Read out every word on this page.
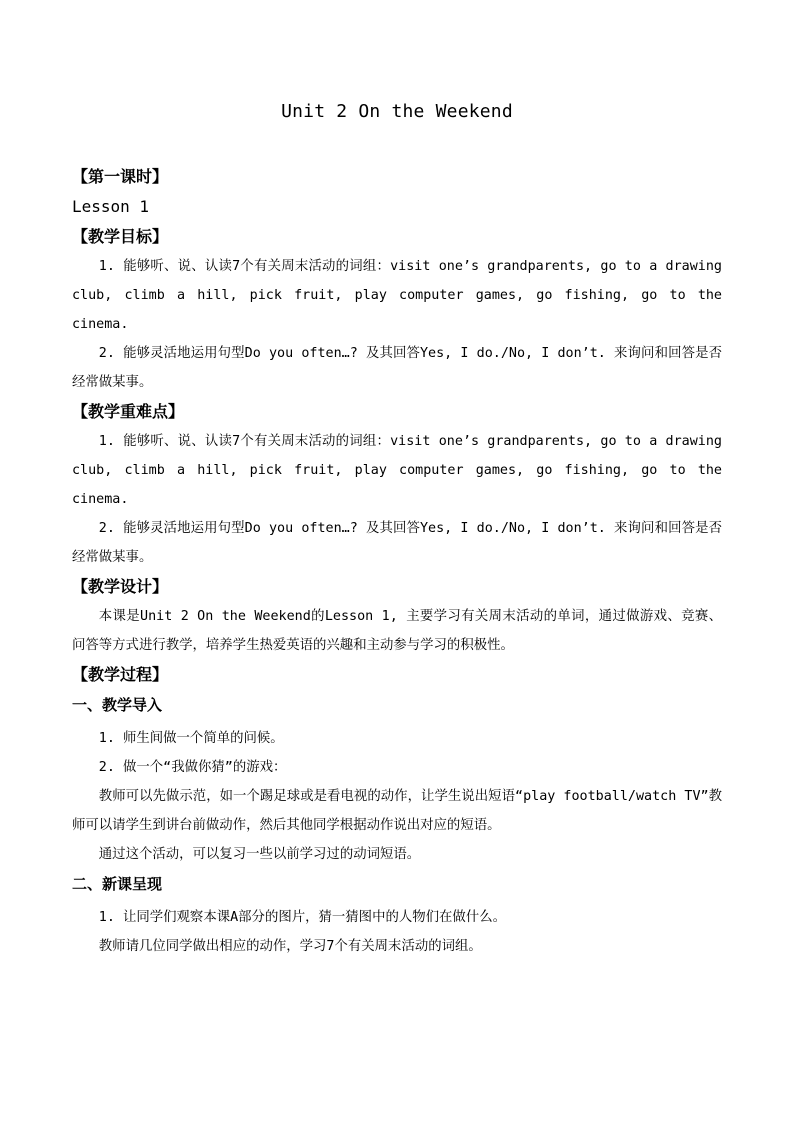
Unit 2 On the Weekend
【第一课时】
Lesson 1
【教学目标】
1. 能够听、说、认读7个有关周末活动的词组：visit one’s grandparents, go to a drawing club, climb a hill, pick fruit, play computer games, go fishing, go to the cinema.
2. 能够灵活地运用句型Do you often…? 及其回答Yes, I do./No, I don’t. 来询问和回答是否经常做某事。
【教学重难点】
1. 能够听、说、认读7个有关周末活动的词组：visit one’s grandparents, go to a drawing club, climb a hill, pick fruit, play computer games, go fishing, go to the cinema.
2. 能够灵活地运用句型Do you often…? 及其回答Yes, I do./No, I don’t. 来询问和回答是否经常做某事。
【教学设计】
本课是Unit 2 On the Weekend的Lesson 1, 主要学习有关周末活动的单词，通过做游戏、竞赛、问答等方式进行教学，培养学生热爱英语的兴趣和主动参与学习的积极性。
【教学过程】
一、教学导入
1. 师生间做一个简单的问候。
2. 做一个“我做你猜”的游戏：
教师可以先做示范，如一个踢足球或是看电视的动作，让学生说出短语“play football/watch TV”教师可以请学生到讲台前做动作，然后其他同学根据动作说出对应的短语。
通过这个活动，可以复习一些以前学习过的动词短语。
二、新课呈现
1. 让同学们观察本课A部分的图片，猜一猜图中的人物们在做什么。
教师请几位同学做出相应的动作，学习7个有关周末活动的词组。
